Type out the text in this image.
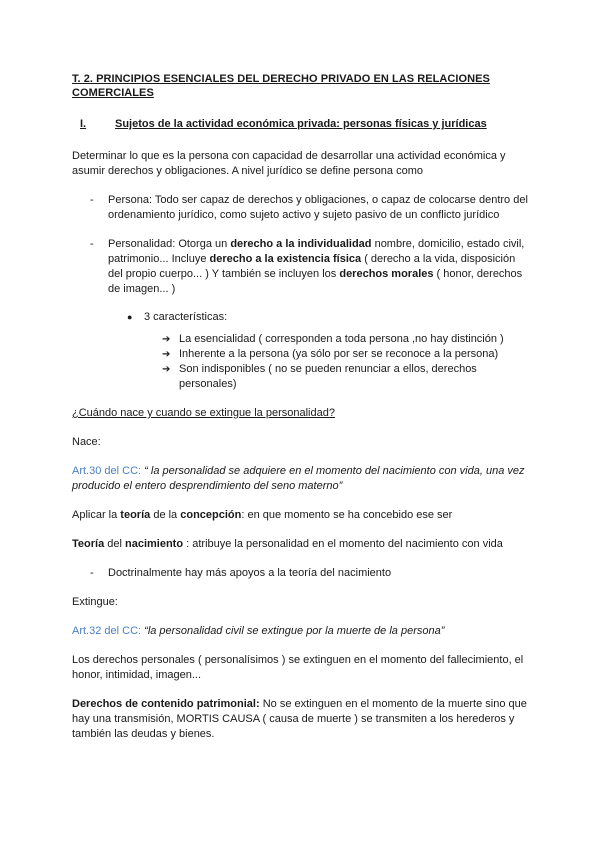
T. 2. PRINCIPIOS ESENCIALES DEL DERECHO PRIVADO EN LAS RELACIONES COMERCIALES
I.	Sujetos de la actividad económica privada: personas físicas y jurídicas

Determinar lo que es la persona con capacidad de desarrollar una actividad económica y asumir derechos y obligaciones. A nivel jurídico se define persona como

-	Persona: Todo ser capaz de derechos y obligaciones, o capaz de colocarse dentro del ordenamiento jurídico, como sujeto activo y sujeto pasivo de un conflicto jurídico
-	Personalidad: Otorga un derecho a la individualidad nombre, domicilio, estado civil, patrimonio... Incluye derecho a la existencia física ( derecho a la vida, disposición del propio cuerpo... ) Y también se incluyen los derechos morales ( honor, derechos de imagen... )
●	3 características:
➔ La esencialidad ( corresponden a toda persona ,no hay distinción )
➔ Inherente a la persona (ya sólo por ser se reconoce a la persona)
➔ Son indisponibles ( no se pueden renunciar a ellos, derechos personales)

¿Cuándo nace y cuando se extingue la personalidad?

Nace:

Art.30 del CC: “ la personalidad se adquiere en el momento del nacimiento con vida, una vez producido el entero desprendimiento del seno materno”

Aplicar la teoría de la concepción: en que momento se ha concebido ese ser

Teoría del nacimiento : atribuye la personalidad en el momento del nacimiento con vida

-	Doctrinalmente hay más apoyos a la teoría del nacimiento

Extingue:

Art.32 del CC: “la personalidad civil se extingue por la muerte de la persona”

Los derechos personales ( personalísimos ) se extinguen en el momento del fallecimiento, el honor, intimidad, imagen...

Derechos de contenido patrimonial: No se extinguen en el momento de la muerte sino que hay una transmisión, MORTIS CAUSA ( causa de muerte ) se transmiten a los herederos y también las deudas y bienes.
